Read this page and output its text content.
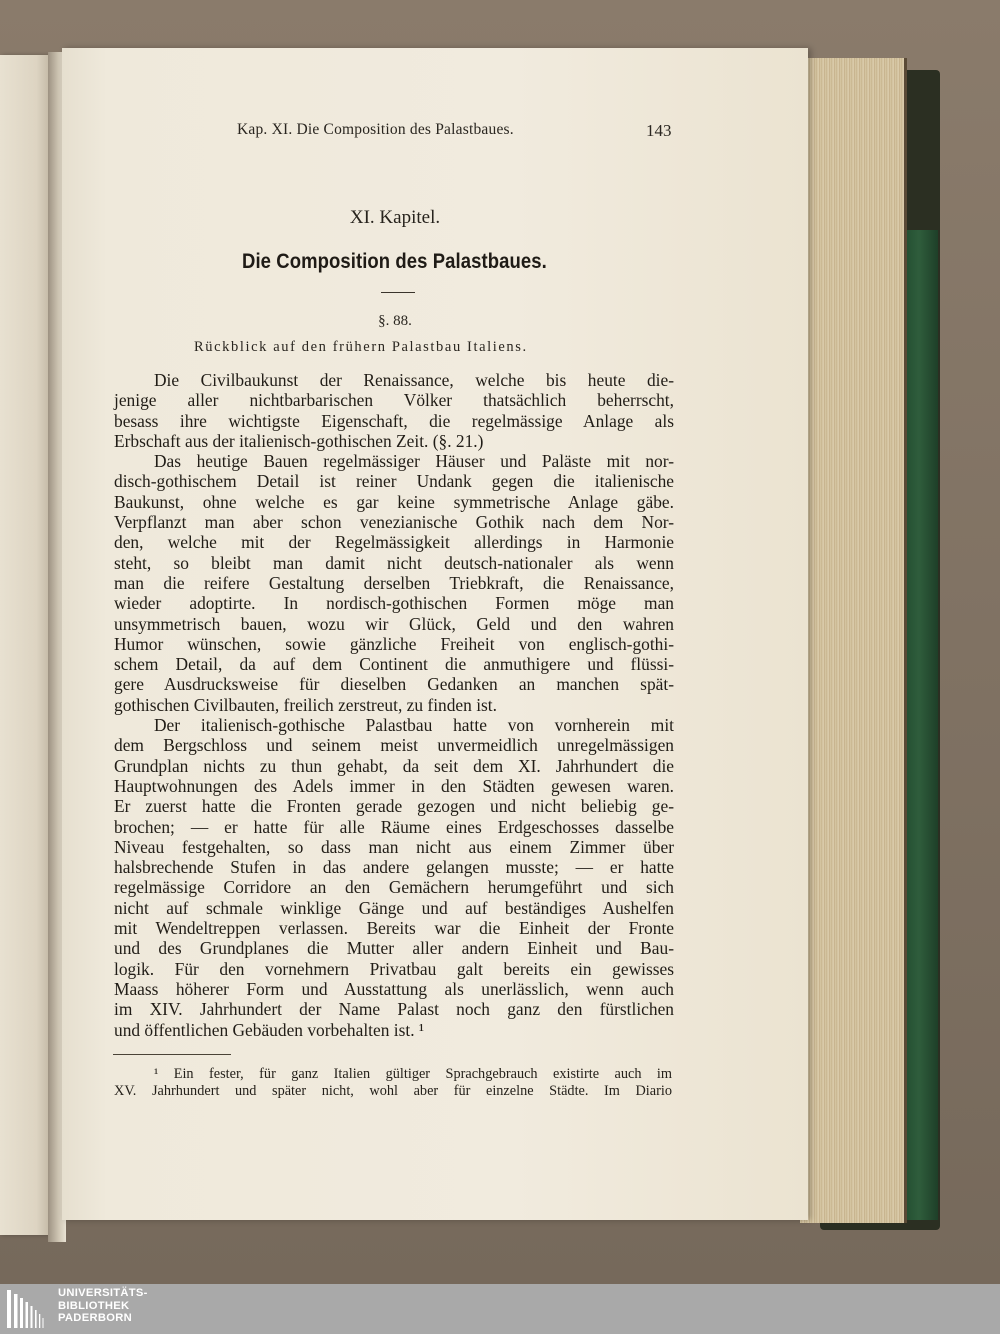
Kap. XI. Die Composition des Palastbaues.	143
XI. Kapitel.
Die Composition des Palastbaues.
§. 88.
Rückblick auf den frühern Palastbau Italiens.
Die Civilbaukunst der Renaissance, welche bis heute die-
jenige aller nichtbarbarischen Völker thatsächlich beherrscht,
besass ihre wichtigste Eigenschaft, die regelmässige Anlage als
Erbschaft aus der italienisch-gothischen Zeit. (§. 21.)
Das heutige Bauen regelmässiger Häuser und Paläste mit nor-
disch-gothischem Detail ist reiner Undank gegen die italienische
Baukunst, ohne welche es gar keine symmetrische Anlage gäbe.
Verpflanzt man aber schon venezianische Gothik nach dem Nor-
den, welche mit der Regelmässigkeit allerdings in Harmonie
steht, so bleibt man damit nicht deutsch-nationaler als wenn
man die reifere Gestaltung derselben Triebkraft, die Renaissance,
wieder adoptirte. In nordisch-gothischen Formen möge man
unsymmetrisch bauen, wozu wir Glück, Geld und den wahren
Humor wünschen, sowie gänzliche Freiheit von englisch-gothi-
schem Detail, da auf dem Continent die anmuthigere und flüssi-
gere Ausdrucksweise für dieselben Gedanken an manchen spät-
gothischen Civilbauten, freilich zerstreut, zu finden ist.
Der italienisch-gothische Palastbau hatte von vornherein mit
dem Bergschloss und seinem meist unvermeidlich unregelmässigen
Grundplan nichts zu thun gehabt, da seit dem XI. Jahrhundert die
Hauptwohnungen des Adels immer in den Städten gewesen waren.
Er zuerst hatte die Fronten gerade gezogen und nicht beliebig ge-
brochen; — er hatte für alle Räume eines Erdgeschosses dasselbe
Niveau festgehalten, so dass man nicht aus einem Zimmer über
halsbrechende Stufen in das andere gelangen musste; — er hatte
regelmässige Corridore an den Gemächern herumgeführt und sich
nicht auf schmale winklige Gänge und auf beständiges Aushelfen
mit Wendeltreppen verlassen. Bereits war die Einheit der Fronte
und des Grundplanes die Mutter aller andern Einheit und Bau-
logik. Für den vornehmern Privatbau galt bereits ein gewisses
Maass höherer Form und Ausstattung als unerlässlich, wenn auch
im XIV. Jahrhundert der Name Palast noch ganz den fürstlichen
und öffentlichen Gebäuden vorbehalten ist. ¹
¹ Ein fester, für ganz Italien gültiger Sprachgebrauch existirte auch im
XV. Jahrhundert und später nicht, wohl aber für einzelne Städte. Im Diario
UNIVERSITÄTS-
BIBLIOTHEK
PADERBORN
